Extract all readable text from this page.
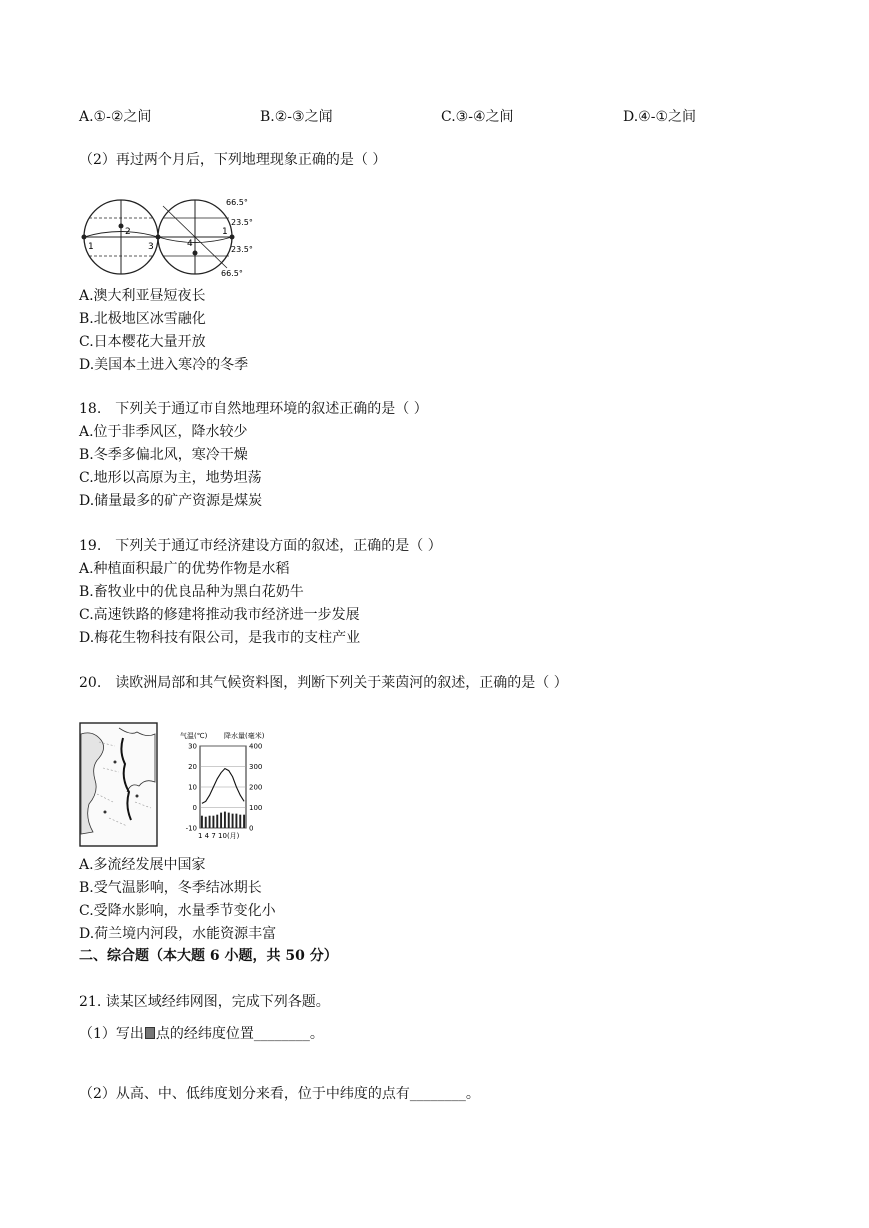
A.①-②之间	B.②-③之闻	C.③-④之间	D.④-①之间
（2）再过两个月后，下列地理现象正确的是（ ）
1
2
3	4
1
66.5°
23.5°
23.5°
66.5°
A.澳大利亚昼短夜长
B.北极地区冰雪融化
C.日本樱花大量开放
D.美国本土进入寒冷的冬季
18.　下列关于通辽市自然地理环境的叙述正确的是（ ）
A.位于非季风区，降水较少
B.冬季多偏北风，寒冷干燥
C.地形以高原为主，地势坦荡
D.储量最多的矿产资源是煤炭
19.　下列关于通辽市经济建设方面的叙述，正确的是（ ）
A.种植面积最广的优势作物是水稻
B.畜牧业中的优良品种为黑白花奶牛
C.高速铁路的修建将推动我市经济进一步发展
D.梅花生物科技有限公司，是我市的支柱产业
20.　读欧洲局部和其气候资料图，判断下列关于莱茵河的叙述，正确的是（ ）
气温(℃) 降水量(毫米)
30
20
10
0
-10
400
300
200
100
0
1 4 7 10(月)
A.多流经发展中国家
B.受气温影响，冬季结冰期长
C.受降水影响，水量季节变化小
D.荷兰境内河段，水能资源丰富
二、综合题（本大题 6 小题，共 50 分）
21. 读某区域经纬网图，完成下列各题。
（1）写出 点的经纬度位置________。
（2）从高、中、低纬度划分来看，位于中纬度的点有________。
